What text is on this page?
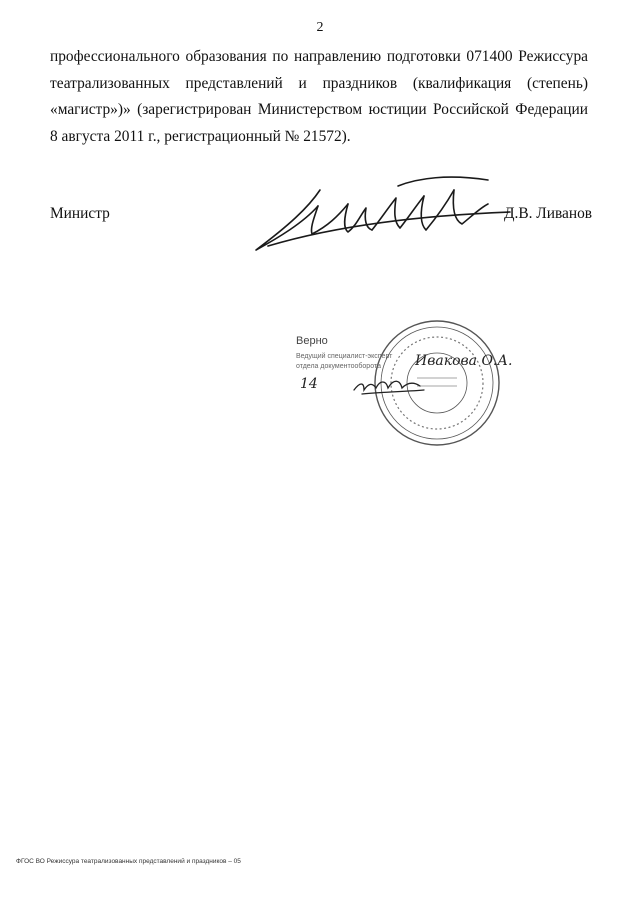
2

профессионального образования по направлению подготовки 071400 Режиссура
театрализованных представлений и праздников (квалификация (степень)
«магистр»)» (зарегистрирован Министерством юстиции Российской Федерации
8 августа 2011 г., регистрационный № 21572).

Министр	Д.В. Ливанов
Верно
Ведущий специалист-эксперт
отдела документооборота
14
Ивакова О.А.
ФГОС ВО Режиссура театрализованных представлений и праздников – 05
